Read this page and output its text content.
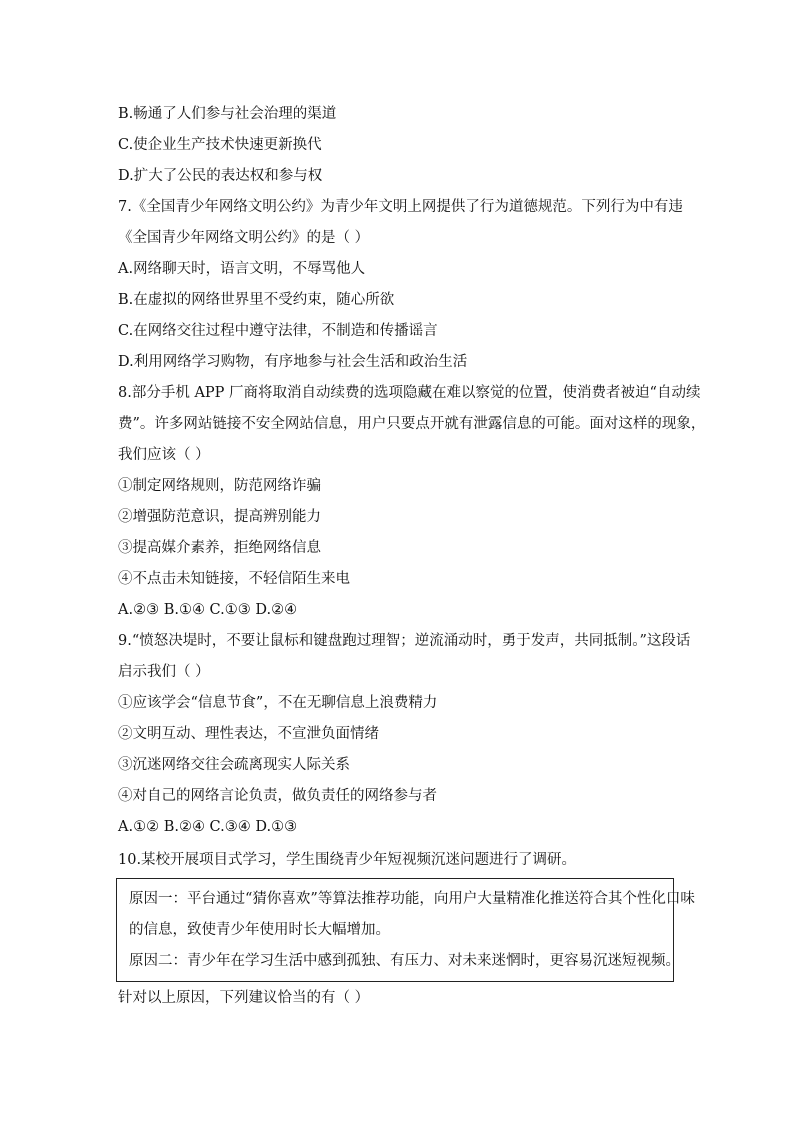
B.畅通了人们参与社会治理的渠道
C.使企业生产技术快速更新换代
D.扩大了公民的表达权和参与权
7.《全国青少年网络文明公约》为青少年文明上网提供了行为道德规范。下列行为中有违
《全国青少年网络文明公约》的是（ ）
A.网络聊天时，语言文明，不辱骂他人
B.在虚拟的网络世界里不受约束，随心所欲
C.在网络交往过程中遵守法律，不制造和传播谣言
D.利用网络学习购物，有序地参与社会生活和政治生活
8.部分手机 APP 厂商将取消自动续费的选项隐藏在难以察觉的位置，使消费者被迫“自动续
费”。许多网站链接不安全网站信息，用户只要点开就有泄露信息的可能。面对这样的现象，
我们应该（ ）
①制定网络规则，防范网络诈骗
②增强防范意识，提高辨别能力
③提高媒介素养，拒绝网络信息
④不点击未知链接，不轻信陌生来电
A.②③ B.①④ C.①③ D.②④
9.“愤怒决堤时，不要让鼠标和键盘跑过理智；逆流涌动时，勇于发声，共同抵制。”这段话
启示我们（ ）
①应该学会“信息节食”，不在无聊信息上浪费精力
②文明互动、理性表达，不宣泄负面情绪
③沉迷网络交往会疏离现实人际关系
④对自己的网络言论负责，做负责任的网络参与者
A.①② B.②④ C.③④ D.①③
10.某校开展项目式学习，学生围绕青少年短视频沉迷问题进行了调研。
原因一：平台通过“猜你喜欢”等算法推荐功能，向用户大量精准化推送符合其个性化口味
的信息，致使青少年使用时长大幅增加。
原因二：青少年在学习生活中感到孤独、有压力、对未来迷惘时，更容易沉迷短视频。
针对以上原因，下列建议恰当的有（ ）
